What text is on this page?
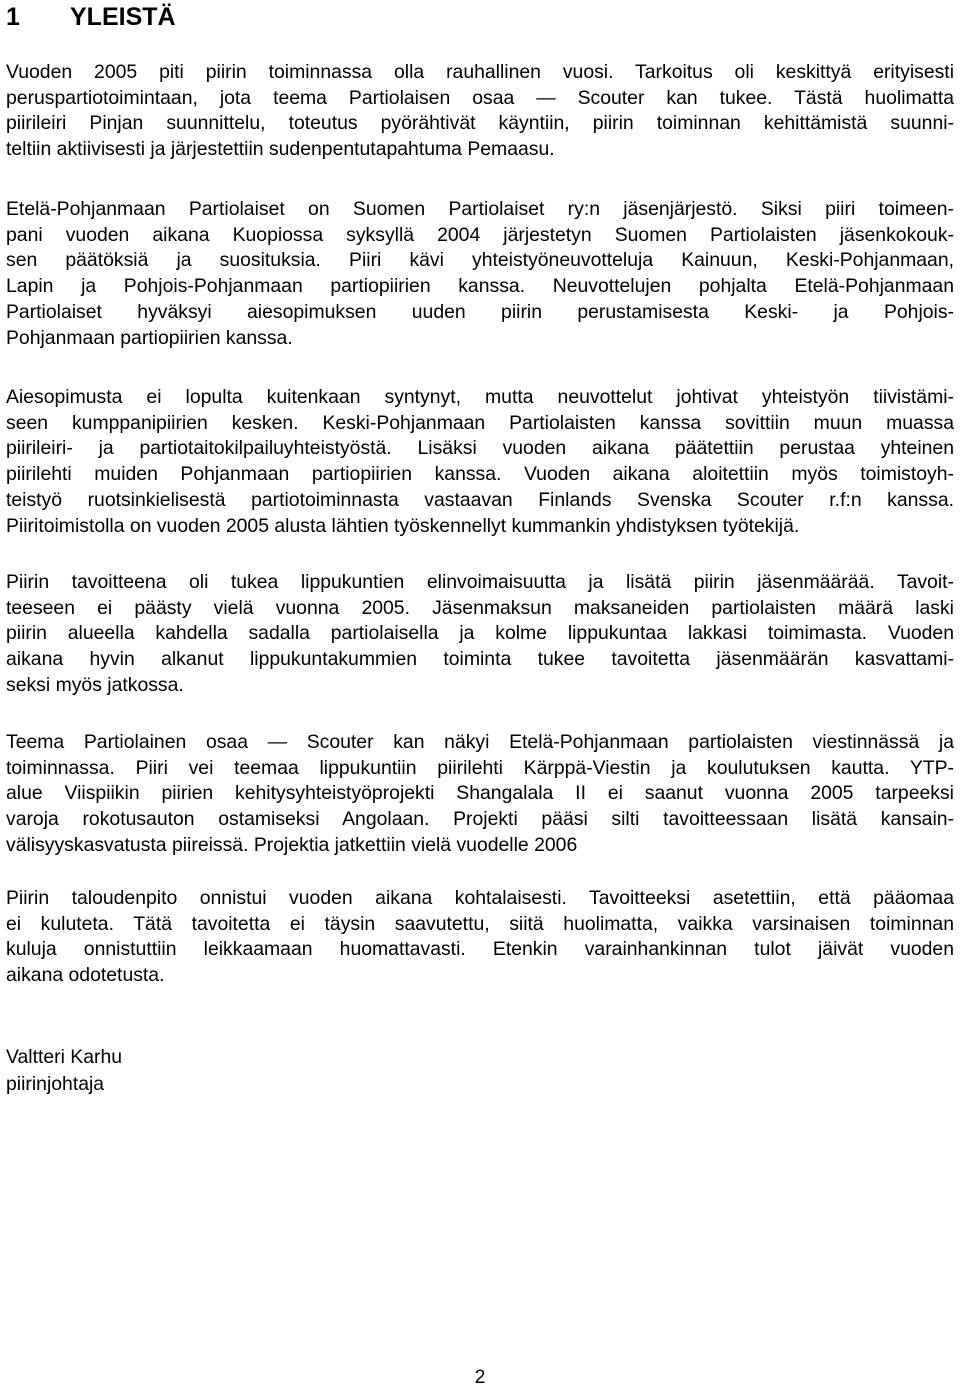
1 YLEISTÄ
Vuoden 2005 piti piirin toiminnassa olla rauhallinen vuosi. Tarkoitus oli keskittyä erityisesti
peruspartiotoimintaan, jota teema Partiolaisen osaa — Scouter kan tukee. Tästä huolimatta
piirileiri Pinjan suunnittelu, toteutus pyörähtivät käyntiin, piirin toiminnan kehittämistä suunni-
teltiin aktiivisesti ja järjestettiin sudenpentutapahtuma Pemaasu.
Etelä-Pohjanmaan Partiolaiset on Suomen Partiolaiset ry:n jäsenjärjestö. Siksi piiri toimeen-
pani vuoden aikana Kuopiossa syksyllä 2004 järjestetyn Suomen Partiolaisten jäsenkokouk-
sen päätöksiä ja suosituksia. Piiri kävi yhteistyöneuvotteluja Kainuun, Keski-Pohjanmaan,
Lapin ja Pohjois-Pohjanmaan partiopiirien kanssa. Neuvottelujen pohjalta Etelä-Pohjanmaan
Partiolaiset hyväksyi aiesopimuksen uuden piirin perustamisesta Keski- ja Pohjois-
Pohjanmaan partiopiirien kanssa.
Aiesopimusta ei lopulta kuitenkaan syntynyt, mutta neuvottelut johtivat yhteistyön tiivistämi-
seen kumppanipiirien kesken. Keski-Pohjanmaan Partiolaisten kanssa sovittiin muun muassa
piirileiri- ja partiotaitokilpailuyhteistyöstä. Lisäksi vuoden aikana päätettiin perustaa yhteinen
piirilehti muiden Pohjanmaan partiopiirien kanssa. Vuoden aikana aloitettiin myös toimistoyh-
teistyö ruotsinkielisestä partiotoiminnasta vastaavan Finlands Svenska Scouter r.f:n kanssa.
Piiritoimistolla on vuoden 2005 alusta lähtien työskennellyt kummankin yhdistyksen työtekijä.
Piirin tavoitteena oli tukea lippukuntien elinvoimaisuutta ja lisätä piirin jäsenmäärää. Tavoit-
teeseen ei päästy vielä vuonna 2005. Jäsenmaksun maksaneiden partiolaisten määrä laski
piirin alueella kahdella sadalla partiolaisella ja kolme lippukuntaa lakkasi toimimasta. Vuoden
aikana hyvin alkanut lippukuntakummien toiminta tukee tavoitetta jäsenmäärän kasvattami-
seksi myös jatkossa.
Teema Partiolainen osaa — Scouter kan näkyi Etelä-Pohjanmaan partiolaisten viestinnässä ja
toiminnassa. Piiri vei teemaa lippukuntiin piirilehti Kärppä-Viestin ja koulutuksen kautta. YTP-
alue Viispiikin piirien kehitysyhteistyöprojekti Shangalala II ei saanut vuonna 2005 tarpeeksi
varoja rokotusauton ostamiseksi Angolaan. Projekti pääsi silti tavoitteessaan lisätä kansain-
välisyyskasvatusta piireissä. Projektia jatkettiin vielä vuodelle 2006
Piirin taloudenpito onnistui vuoden aikana kohtalaisesti. Tavoitteeksi asetettiin, että pääomaa
ei kuluteta. Tätä tavoitetta ei täysin saavutettu, siitä huolimatta, vaikka varsinaisen toiminnan
kuluja onnistuttiin leikkaamaan huomattavasti. Etenkin varainhankinnan tulot jäivät vuoden
aikana odotetusta.
Valtteri Karhu
piirinjohtaja
2
